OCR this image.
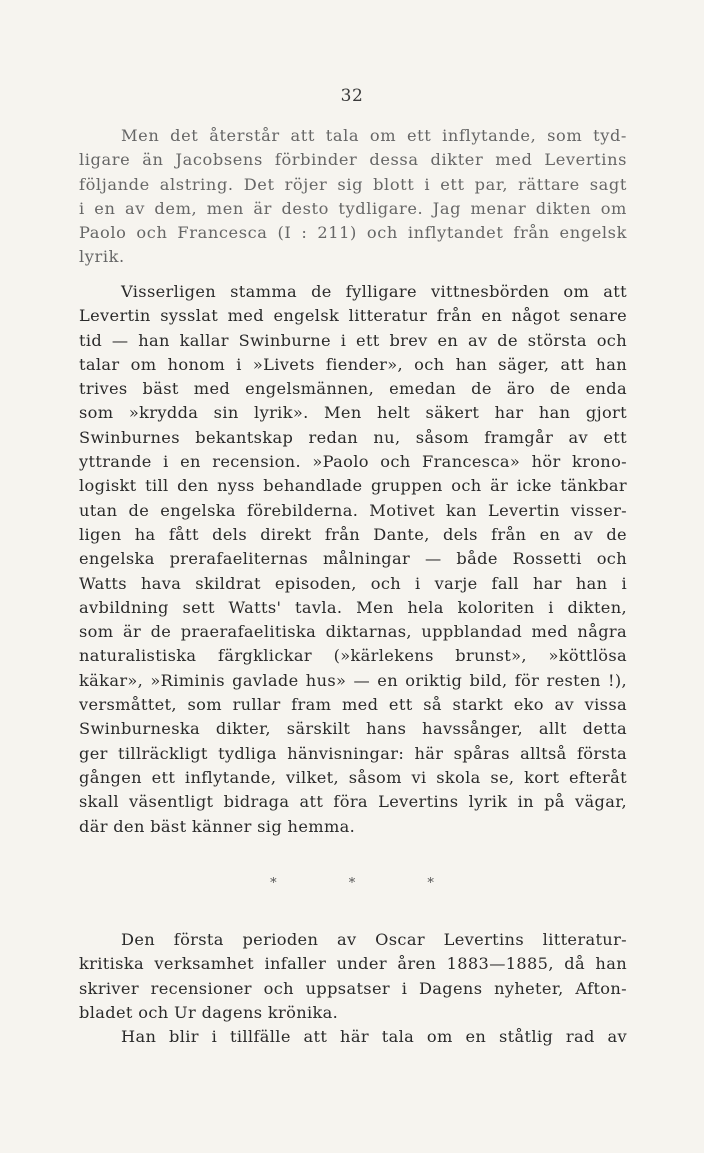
32
Men det återstår att tala om ett inflytande, som tyd-
ligare än Jacobsens förbinder dessa dikter med Levertins
följande alstring. Det röjer sig blott i ett par, rättare sagt
i en av dem, men är desto tydligare. Jag menar dikten om
Paolo och Francesca (I : 211) och inflytandet från engelsk
lyrik.
Visserligen stamma de fylligare vittnesbörden om att
Levertin sysslat med engelsk litteratur från en något senare
tid — han kallar Swinburne i ett brev en av de största och
talar om honom i »Livets fiender», och han säger, att han
trives bäst med engelsmännen, emedan de äro de enda
som »krydda sin lyrik». Men helt säkert har han gjort
Swinburnes bekantskap redan nu, såsom framgår av ett
yttrande i en recension. »Paolo och Francesca» hör krono-
logiskt till den nyss behandlade gruppen och är icke tänkbar
utan de engelska förebilderna. Motivet kan Levertin visser-
ligen ha fått dels direkt från Dante, dels från en av de
engelska prerafaeliternas målningar — både Rossetti och
Watts hava skildrat episoden, och i varje fall har han i
avbildning sett Watts' tavla. Men hela koloriten i dikten,
som är de praerafaelitiska diktarnas, uppblandad med några
naturalistiska färgklickar (»kärlekens brunst», »köttlösa
käkar», »Riminis gavlade hus» — en oriktig bild, för resten !),
versmåttet, som rullar fram med ett så starkt eko av vissa
Swinburneska dikter, särskilt hans havssånger, allt detta
ger tillräckligt tydliga hänvisningar: här spåras alltså första
gången ett inflytande, vilket, såsom vi skola se, kort efteråt
skall väsentligt bidraga att föra Levertins lyrik in på vägar,
där den bäst känner sig hemma.
* * *
Den första perioden av Oscar Levertins litteratur-
kritiska verksamhet infaller under åren 1883—1885, då han
skriver recensioner och uppsatser i Dagens nyheter, Afton-
bladet och Ur dagens krönika.
Han blir i tillfälle att här tala om en ståtlig rad av
